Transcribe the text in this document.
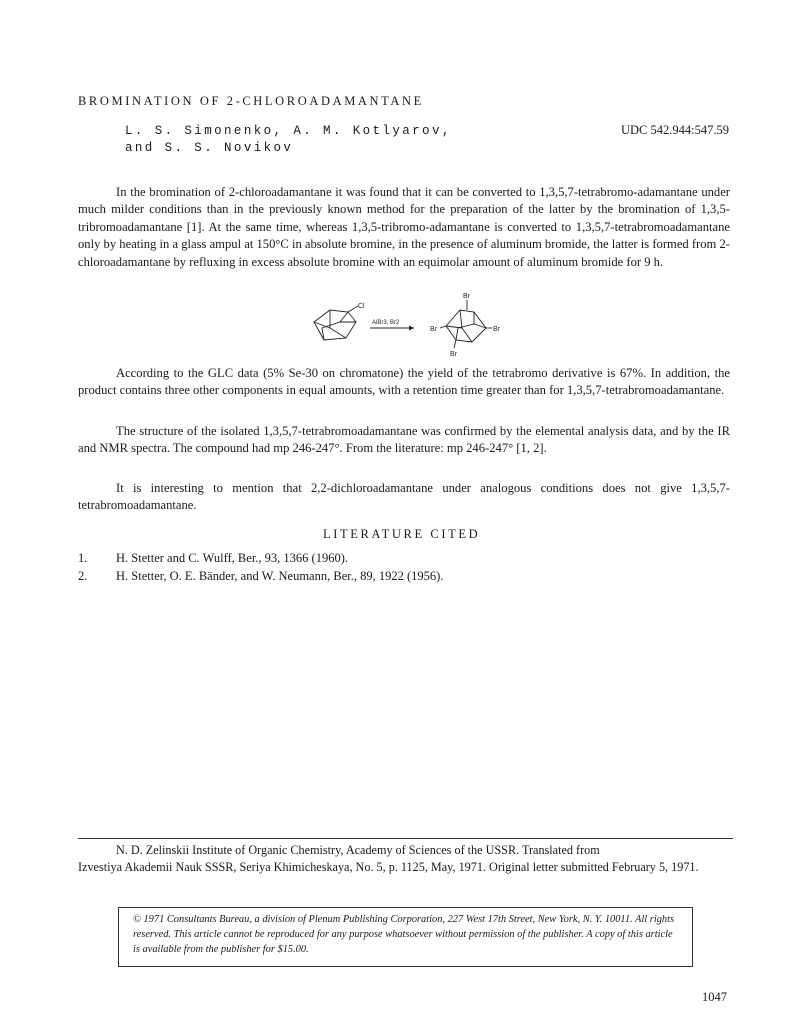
BROMINATION OF 2-CHLOROADAMANTANE
L. S. Simonenko, A. M. Kotlyarov,
and S. S. Novikov
UDC 542.944:547.59
In the bromination of 2-chloroadamantane it was found that it can be converted to 1,3,5,7-tetrabromo-adamantane under much milder conditions than in the previously known method for the preparation of the latter by the bromination of 1,3,5-tribromoadamantane [1]. At the same time, whereas 1,3,5-tribromo-adamantane is converted to 1,3,5,7-tetrabromoadamantane only by heating in a glass ampul at 150°C in absolute bromine, in the presence of aluminum bromide, the latter is formed from 2-chloroadamantane by refluxing in excess absolute bromine with an equimolar amount of aluminum bromide for 9 h.
Cl
AlBr3, Br2
Br
Br	Br
Br
According to the GLC data (5% Se-30 on chromatone) the yield of the tetrabromo derivative is 67%. In addition, the product contains three other components in equal amounts, with a retention time greater than for 1,3,5,7-tetrabromoadamantane.
The structure of the isolated 1,3,5,7-tetrabromoadamantane was confirmed by the elemental analysis data, and by the IR and NMR spectra. The compound had mp 246-247°. From the literature: mp 246-247° [1, 2].
It is interesting to mention that 2,2-dichloroadamantane under analogous conditions does not give 1,3,5,7-tetrabromoadamantane.
LITERATURE CITED
1. H. Stetter and C. Wulff, Ber., 93, 1366 (1960).
2. H. Stetter, O. E. Bänder, and W. Neumann, Ber., 89, 1922 (1956).
N. D. Zelinskii Institute of Organic Chemistry, Academy of Sciences of the USSR. Translated from
Izvestiya Akademii Nauk SSSR, Seriya Khimicheskaya, No. 5, p. 1125, May, 1971. Original letter submitted February 5, 1971.
© 1971 Consultants Bureau, a division of Plenum Publishing Corporation, 227 West 17th Street, New York, N. Y. 10011. All rights reserved. This article cannot be reproduced for any purpose whatsoever without permission of the publisher. A copy of this article is available from the publisher for $15.00.
1047
